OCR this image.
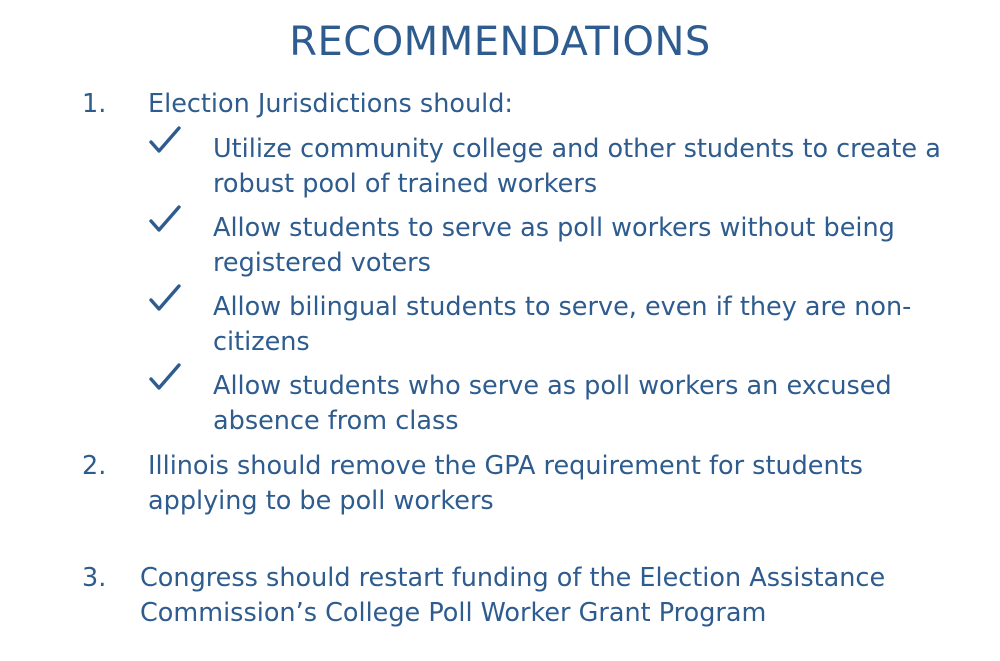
RECOMMENDATIONS
1. Election Jurisdictions should:
Utilize community college and other students to create a
robust pool of trained workers
Allow students to serve as poll workers without being
registered voters
Allow bilingual students to serve, even if they are non-
citizens
Allow students who serve as poll workers an excused
absence from class
2. Illinois should remove the GPA requirement for students
applying to be poll workers
3. Congress should restart funding of the Election Assistance
Commission’s College Poll Worker Grant Program
